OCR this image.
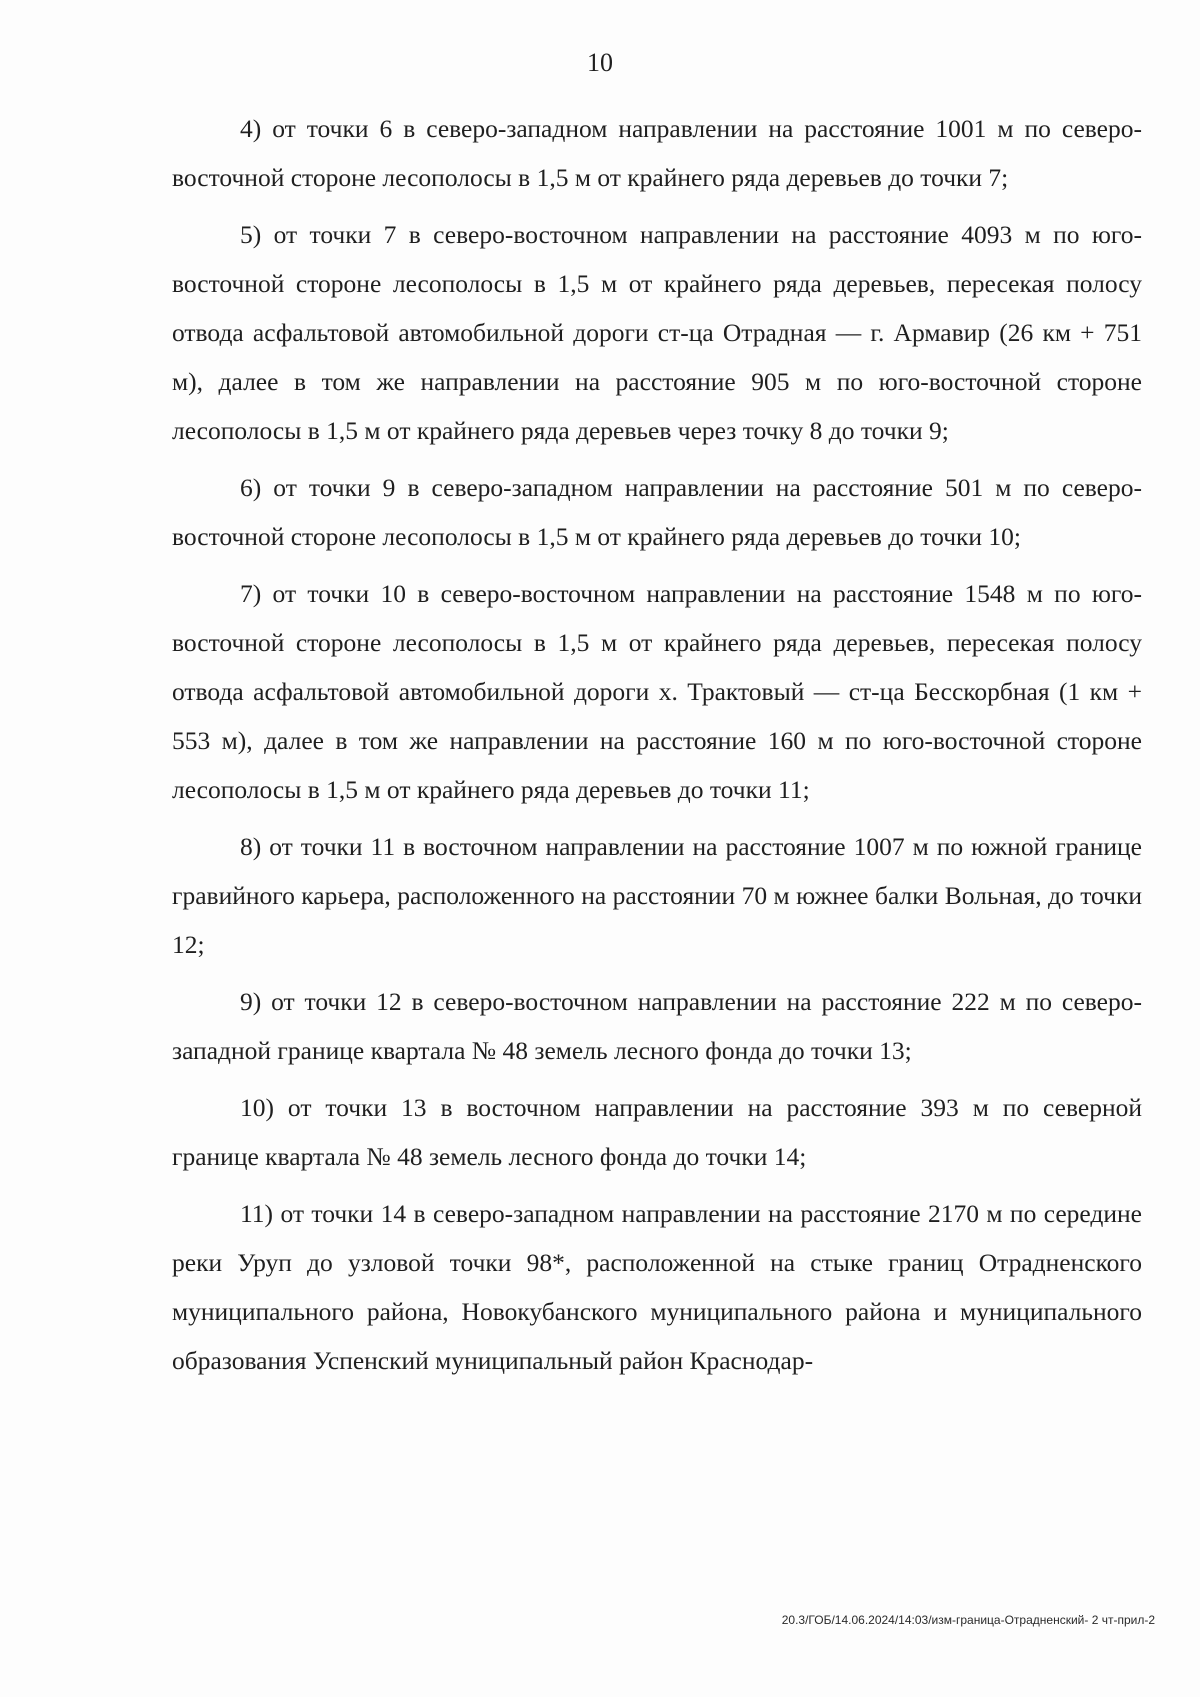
10

4) от точки 6 в северо-западном направлении на расстояние 1001 м по северо-восточной стороне лесополосы в 1,5 м от крайнего ряда деревьев до точки 7;

5) от точки 7 в северо-восточном направлении на расстояние 4093 м по юго-восточной стороне лесополосы в 1,5 м от крайнего ряда деревьев, пересекая полосу отвода асфальтовой автомобильной дороги ст-ца Отрадная — г. Армавир (26 км + 751 м), далее в том же направлении на расстояние 905 м по юго-восточной стороне лесополосы в 1,5 м от крайнего ряда деревьев через точку 8 до точки 9;

6) от точки 9 в северо-западном направлении на расстояние 501 м по северо-восточной стороне лесополосы в 1,5 м от крайнего ряда деревьев до точки 10;

7) от точки 10 в северо-восточном направлении на расстояние 1548 м по юго-восточной стороне лесополосы в 1,5 м от крайнего ряда деревьев, пересекая полосу отвода асфальтовой автомобильной дороги х. Трактовый — ст-ца Бесскорбная (1 км + 553 м), далее в том же направлении на расстояние 160 м по юго-восточной стороне лесополосы в 1,5 м от крайнего ряда деревьев до точки 11;

8) от точки 11 в восточном направлении на расстояние 1007 м по южной границе гравийного карьера, расположенного на расстоянии 70 м южнее балки Вольная, до точки 12;

9) от точки 12 в северо-восточном направлении на расстояние 222 м по северо-западной границе квартала № 48 земель лесного фонда до точки 13;

10) от точки 13 в восточном направлении на расстояние 393 м по северной границе квартала № 48 земель лесного фонда до точки 14;

11) от точки 14 в северо-западном направлении на расстояние 2170 м по середине реки Уруп до узловой точки 98*, расположенной на стыке границ Отрадненского муниципального района, Новокубанского муниципального района и муниципального образования Успенский муниципальный район Краснодар-

20.3/ГОБ/14.06.2024/14:03/изм-граница-Отрадненский- 2 чт-прил-2
